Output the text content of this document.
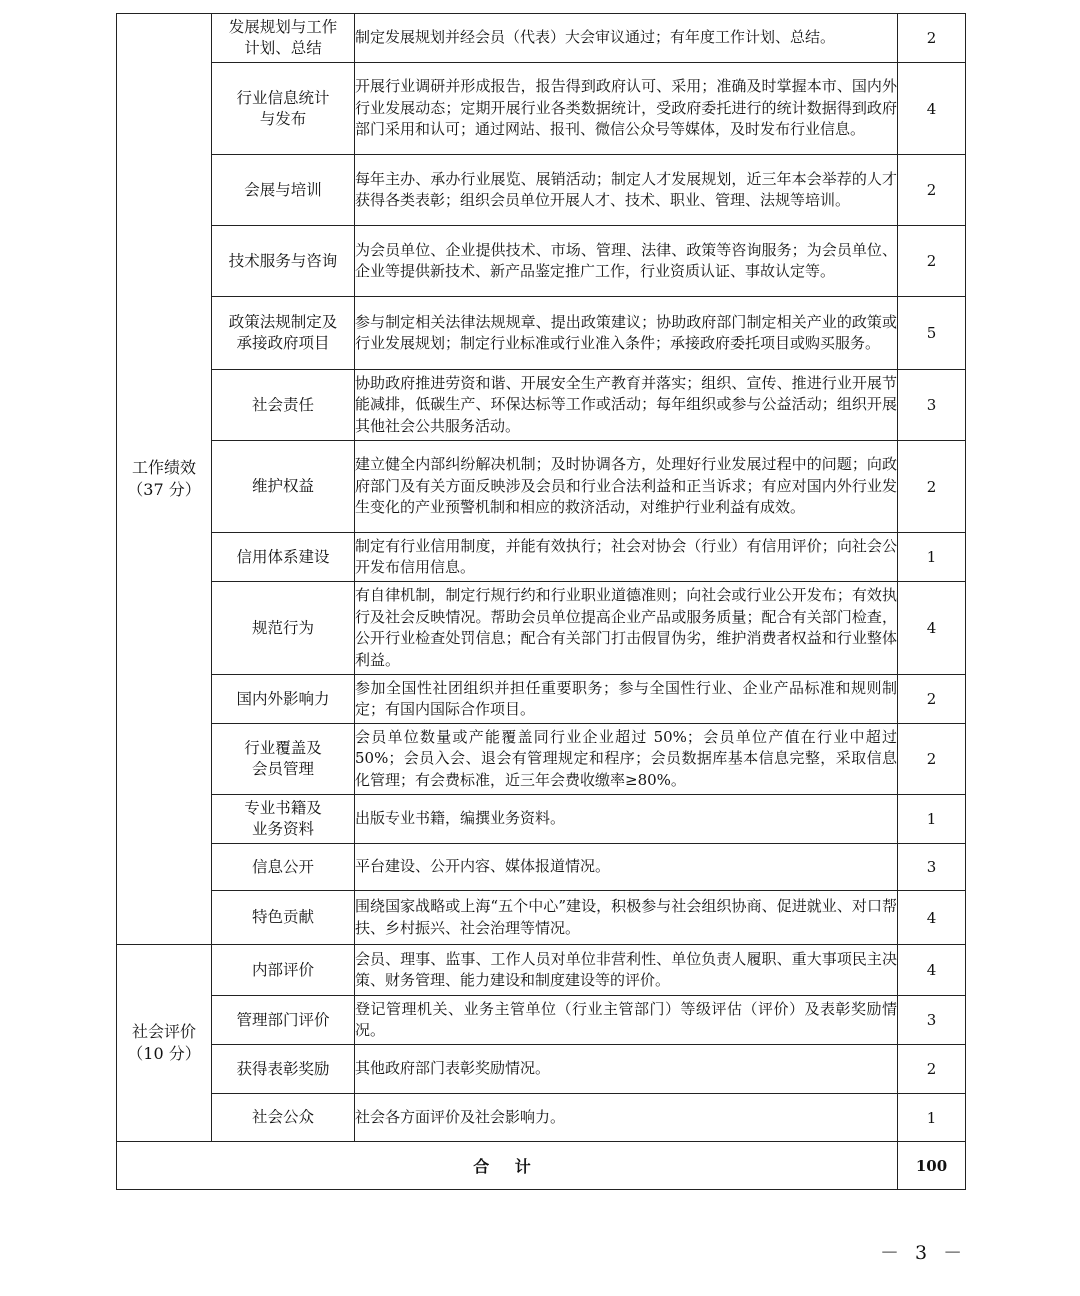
工作绩效
（37 分）	发展规划与工作
计划、总结	制定发展规划并经会员（代表）大会审议通过；有年度工作计划、总结。	2

	行业信息统计
与发布	开展行业调研并形成报告，报告得到政府认可、采用；准确及时掌握本市、国内外行业发展动态；定期开展行业各类数据统计，受政府委托进行的统计数据得到政府部门采用和认可；通过网站、报刊、微信公众号等媒体，及时发布行业信息。	4

	会展与培训	每年主办、承办行业展览、展销活动；制定人才发展规划，近三年本会举荐的人才获得各类表彰；组织会员单位开展人才、技术、职业、管理、法规等培训。	2

	技术服务与咨询	为会员单位、企业提供技术、市场、管理、法律、政策等咨询服务；为会员单位、企业等提供新技术、新产品鉴定推广工作，行业资质认证、事故认定等。	2

	政策法规制定及
承接政府项目	参与制定相关法律法规规章、提出政策建议；协助政府部门制定相关产业的政策或行业发展规划；制定行业标准或行业准入条件；承接政府委托项目或购买服务。	5

	社会责任	协助政府推进劳资和谐、开展安全生产教育并落实；组织、宣传、推进行业开展节能减排，低碳生产、环保达标等工作或活动；每年组织或参与公益活动；组织开展其他社会公共服务活动。	3

	维护权益	建立健全内部纠纷解决机制；及时协调各方，处理好行业发展过程中的问题；向政府部门及有关方面反映涉及会员和行业合法利益和正当诉求；有应对国内外行业发生变化的产业预警机制和相应的救济活动，对维护行业利益有成效。	2

	信用体系建设	制定有行业信用制度，并能有效执行；社会对协会（行业）有信用评价；向社会公开发布信用信息。	1

	规范行为	有自律机制，制定行规行约和行业职业道德准则；向社会或行业公开发布；有效执行及社会反映情况。帮助会员单位提高企业产品或服务质量；配合有关部门检查，公开行业检查处罚信息；配合有关部门打击假冒伪劣，维护消费者权益和行业整体利益。	4

	国内外影响力	参加全国性社团组织并担任重要职务；参与全国性行业、企业产品标准和规则制定；有国内国际合作项目。	2

	行业覆盖及
会员管理	会员单位数量或产能覆盖同行业企业超过 50%；会员单位产值在行业中超过 50%；会员入会、退会有管理规定和程序；会员数据库基本信息完整，采取信息化管理；有会费标准，近三年会费收缴率≥80%。	2

	专业书籍及
业务资料	出版专业书籍，编撰业务资料。	1

	信息公开	平台建设、公开内容、媒体报道情况。	3

	特色贡献	围绕国家战略或上海“五个中心”建设，积极参与社会组织协商、促进就业、对口帮扶、乡村振兴、社会治理等情况。	4

社会评价
（10 分）	内部评价	会员、理事、监事、工作人员对单位非营利性、单位负责人履职、重大事项民主决策、财务管理、能力建设和制度建设等的评价。	4

	管理部门评价	登记管理机关、业务主管单位（行业主管部门）等级评估（评价）及表彰奖励情况。	3

	获得表彰奖励	其他政府部门表彰奖励情况。	2

	社会公众	社会各方面评价及社会影响力。	1
合 计			100
－ 3 －
